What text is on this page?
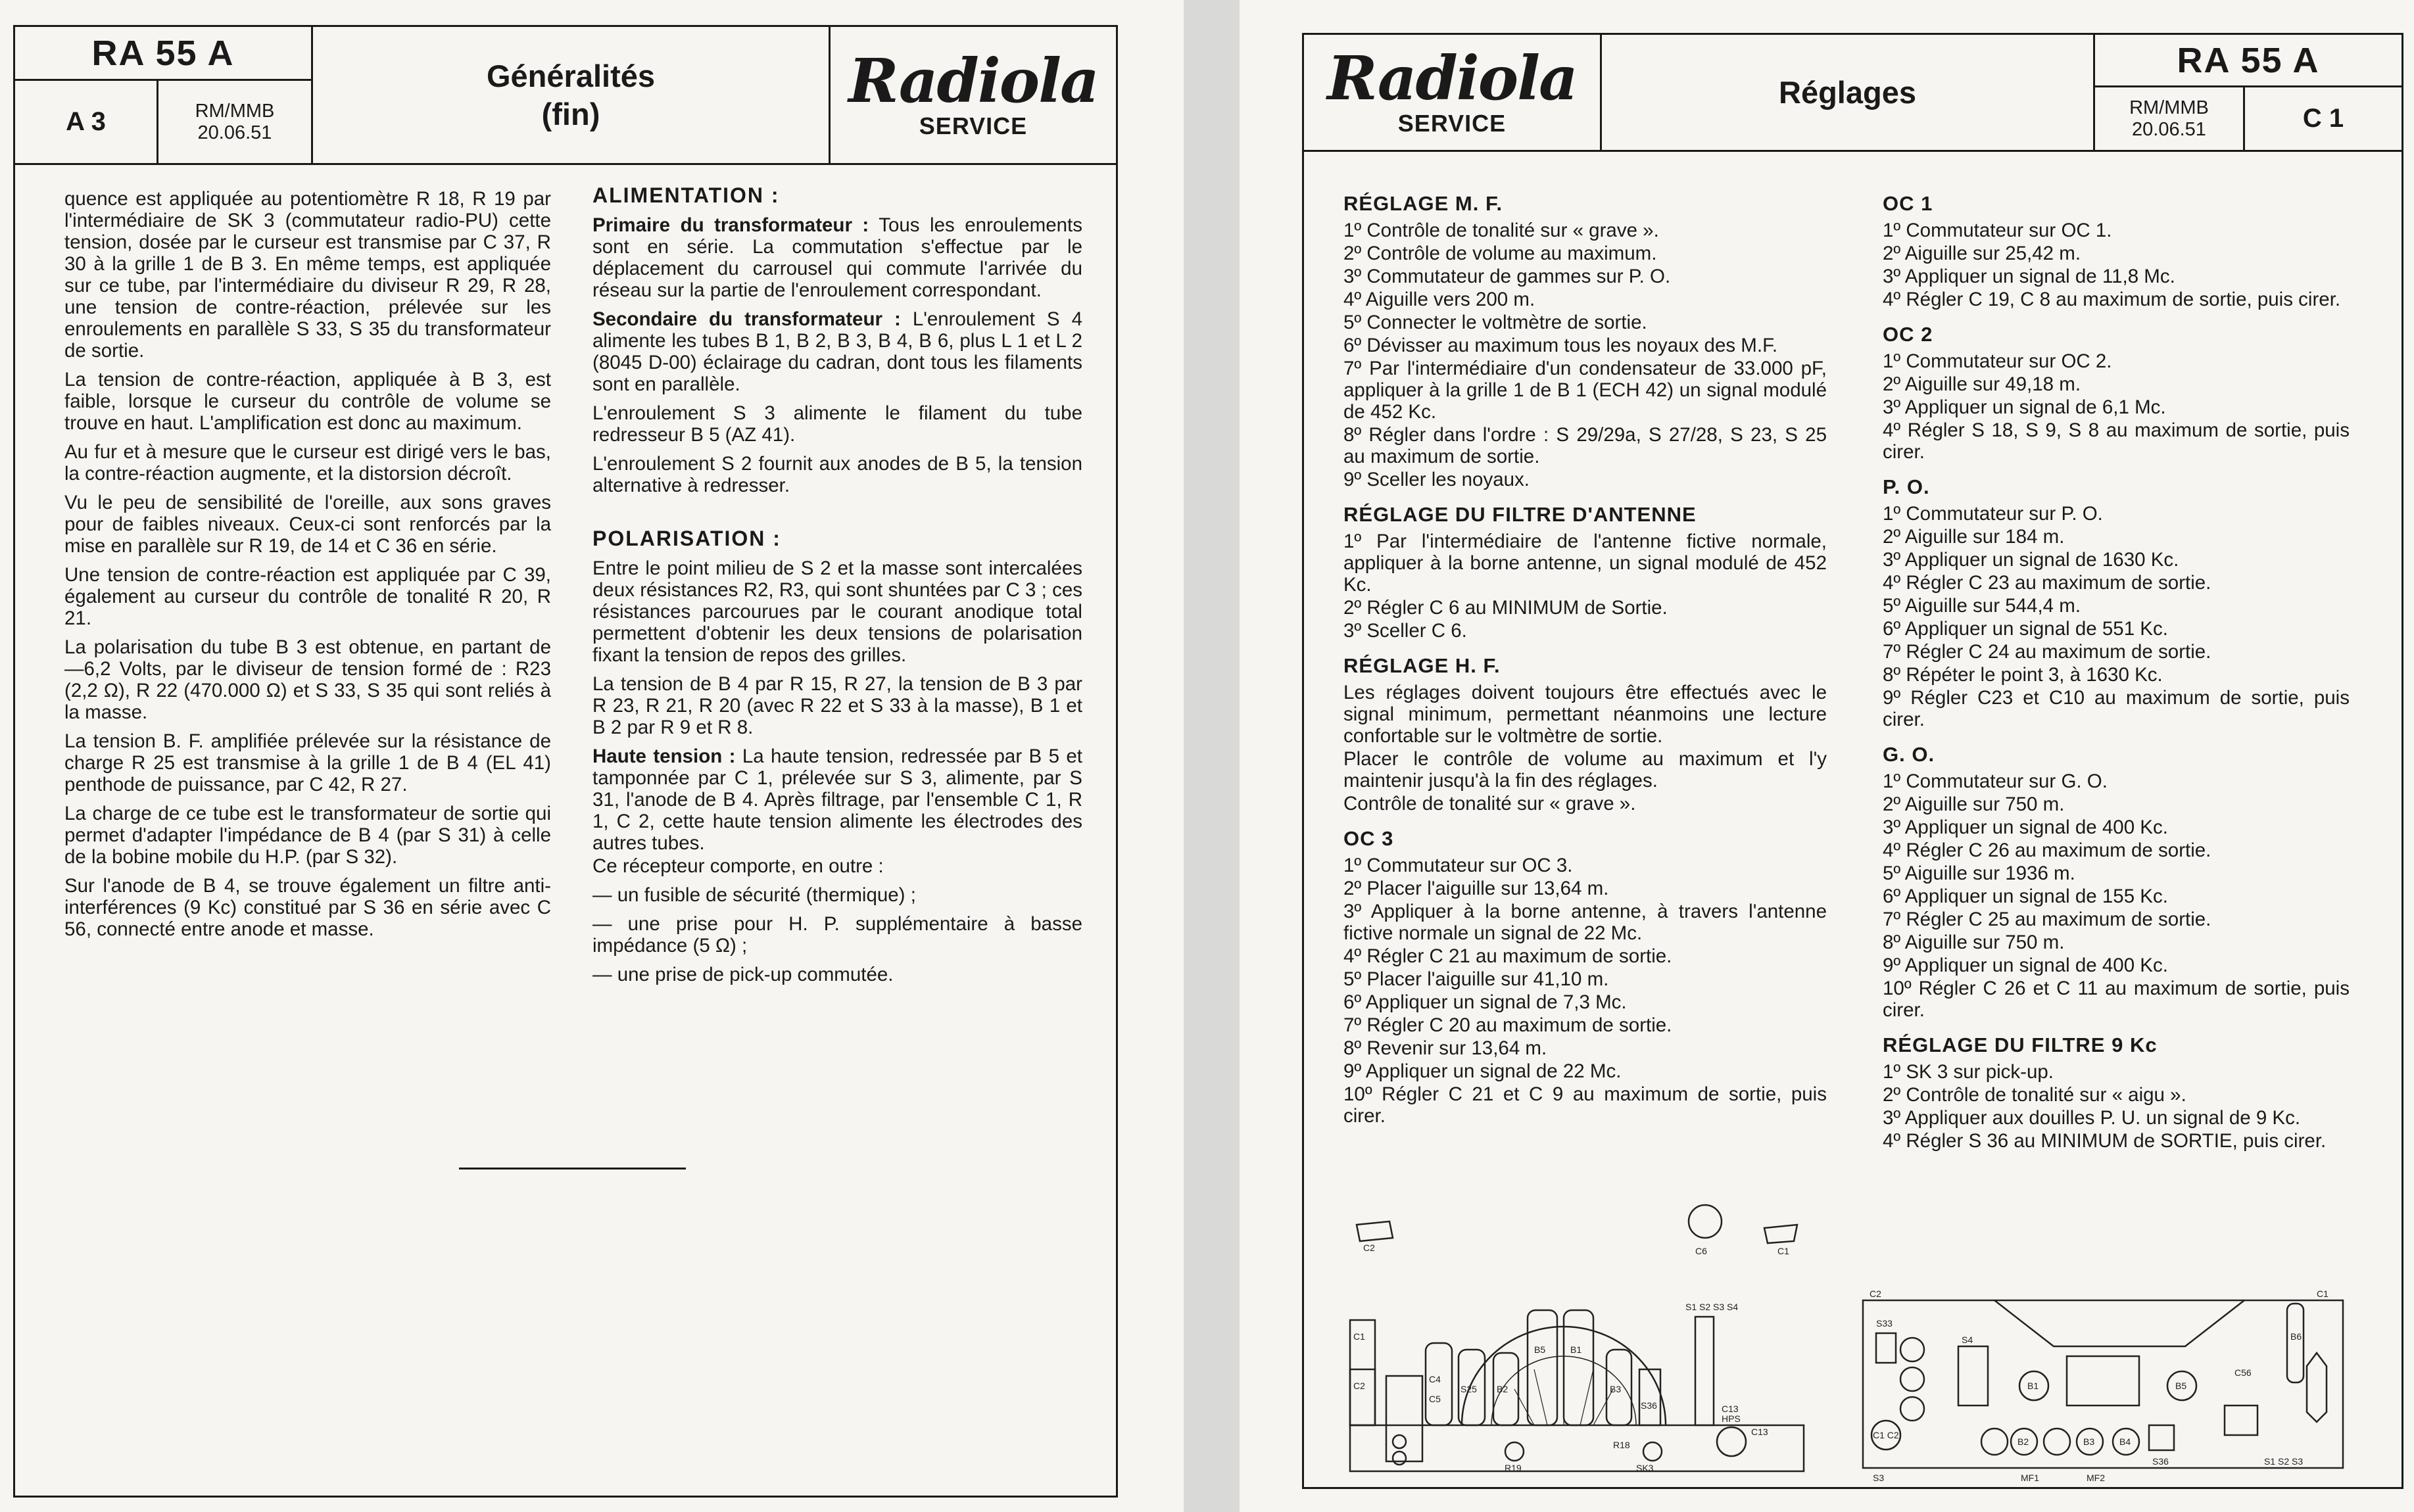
RA 55 A
A 3	RM/MMB
20.06.51
Généralités
(fin)	Radiola
SERVICE

quence est appliquée au potentiomètre R 18, R 19 par l'intermédiaire de SK 3 (commutateur radio-PU) cette tension, dosée par le curseur est transmise par C 37, R 30 à la grille 1 de B 3. En même temps, est appliquée sur ce tube, par l'intermédiaire du diviseur R 29, R 28, une tension de contre-réaction, prélevée sur les enroulements en parallèle S 33, S 35 du transformateur de sortie.

La tension de contre-réaction, appliquée à B 3, est faible, lorsque le curseur du contrôle de volume se trouve en haut. L'amplification est donc au maximum.

Au fur et à mesure que le curseur est dirigé vers le bas, la contre-réaction augmente, et la distorsion décroît.

Vu le peu de sensibilité de l'oreille, aux sons graves pour de faibles niveaux. Ceux-ci sont renforcés par la mise en parallèle sur R 19, de 14 et C 36 en série.

Une tension de contre-réaction est appliquée par C 39, également au curseur du contrôle de tonalité R 20, R 21.

La polarisation du tube B 3 est obtenue, en partant de —6,2 Volts, par le diviseur de tension formé de : R23 (2,2 Ω), R 22 (470.000 Ω) et S 33, S 35 qui sont reliés à la masse.

La tension B. F. amplifiée prélevée sur la résistance de charge R 25 est transmise à la grille 1 de B 4 (EL 41) penthode de puissance, par C 42, R 27.

La charge de ce tube est le transformateur de sortie qui permet d'adapter l'impédance de B 4 (par S 31) à celle de la bobine mobile du H.P. (par S 32).

Sur l'anode de B 4, se trouve également un filtre anti-interférences (9 Kc) constitué par S 36 en série avec C 56, connecté entre anode et masse.

ALIMENTATION :

Primaire du transformateur : Tous les enroulements sont en série. La commutation s'effectue par le déplacement du carrousel qui commute l'arrivée du réseau sur la partie de l'enroulement correspondant.

Secondaire du transformateur : L'enroulement S 4 alimente les tubes B 1, B 2, B 3, B 4, B 6, plus L 1 et L 2 (8045 D-00) éclairage du cadran, dont tous les filaments sont en parallèle.

L'enroulement S 3 alimente le filament du tube redresseur B 5 (AZ 41).

L'enroulement S 2 fournit aux anodes de B 5, la tension alternative à redresser.

POLARISATION :

Entre le point milieu de S 2 et la masse sont intercalées deux résistances R2, R3, qui sont shuntées par C 3 ; ces résistances parcourues par le courant anodique total permettent d'obtenir les deux tensions de polarisation fixant la tension de repos des grilles.

La tension de B 4 par R 15, R 27, la tension de B 3 par R 23, R 21, R 20 (avec R 22 et S 33 à la masse), B 1 et B 2 par R 9 et R 8.

Haute tension : La haute tension, redressée par B 5 et tamponnée par C 1, prélevée sur S 3, alimente, par S 31, l'anode de B 4. Après filtrage, par l'ensemble C 1, R 1, C 2, cette haute tension alimente les électrodes des autres tubes.

Ce récepteur comporte, en outre :

— un fusible de sécurité (thermique) ;

— une prise pour H. P. supplémentaire à basse impédance (5 Ω) ;

— une prise de pick-up commutée.

Radiola
SERVICE
Réglages
RA 55 A
RM/MMB
20.06.51	C 1
RÉGLAGE M. F.

1º Contrôle de tonalité sur « grave ».

2º Contrôle de volume au maximum.

3º Commutateur de gammes sur P. O.

4º Aiguille vers 200 m.

5º Connecter le voltmètre de sortie.

6º Dévisser au maximum tous les noyaux des M.F.

7º Par l'intermédiaire d'un condensateur de 33.000 pF, appliquer à la grille 1 de B 1 (ECH 42) un signal modulé de 452 Kc.

8º Régler dans l'ordre : S 29/29a, S 27/28, S 23, S 25 au maximum de sortie.

9º Sceller les noyaux.

RÉGLAGE DU FILTRE D'ANTENNE

1º Par l'intermédiaire de l'antenne fictive normale, appliquer à la borne antenne, un signal modulé de 452 Kc.

2º Régler C 6 au MINIMUM de Sortie.

3º Sceller C 6.

RÉGLAGE H. F.

Les réglages doivent toujours être effectués avec le signal minimum, permettant néanmoins une lecture confortable sur le voltmètre de sortie.

Placer le contrôle de volume au maximum et l'y maintenir jusqu'à la fin des réglages.

Contrôle de tonalité sur « grave ».

OC 3

1º Commutateur sur OC 3.

2º Placer l'aiguille sur 13,64 m.

3º Appliquer à la borne antenne, à travers l'antenne fictive normale un signal de 22 Mc.

4º Régler C 21 au maximum de sortie.

5º Placer l'aiguille sur 41,10 m.

6º Appliquer un signal de 7,3 Mc.

7º Régler C 20 au maximum de sortie.

8º Revenir sur 13,64 m.

9º Appliquer un signal de 22 Mc.

10º Régler C 21 et C 9 au maximum de sortie, puis cirer.

OC 1

1º Commutateur sur OC 1.

2º Aiguille sur 25,42 m.

3º Appliquer un signal de 11,8 Mc.

4º Régler C 19, C 8 au maximum de sortie, puis cirer.

OC 2

1º Commutateur sur OC 2.

2º Aiguille sur 49,18 m.

3º Appliquer un signal de 6,1 Mc.

4º Régler S 18, S 9, S 8 au maximum de sortie, puis cirer.

P. O.

1º Commutateur sur P. O.

2º Aiguille sur 184 m.

3º Appliquer un signal de 1630 Kc.

4º Régler C 23 au maximum de sortie.

5º Aiguille sur 544,4 m.

6º Appliquer un signal de 551 Kc.

7º Régler C 24 au maximum de sortie.

8º Répéter le point 3, à 1630 Kc.

9º Régler C23 et C10 au maximum de sortie, puis cirer.

G. O.

1º Commutateur sur G. O.

2º Aiguille sur 750 m.

3º Appliquer un signal de 400 Kc.

4º Régler C 26 au maximum de sortie.

5º Aiguille sur 1936 m.

6º Appliquer un signal de 155 Kc.

7º Régler C 25 au maximum de sortie.

8º Aiguille sur 750 m.

9º Appliquer un signal de 400 Kc.

10º Régler C 26 et C 11 au maximum de sortie, puis cirer.

RÉGLAGE DU FILTRE 9 Kc

1º SK 3 sur pick-up.

2º Contrôle de tonalité sur « aigu ».

3º Appliquer aux douilles P. U. un signal de 9 Kc.

4º Régler S 36 au MINIMUM de SORTIE, puis cirer.

C2	C6	C1
C1
C2
C4
C5
S25 B2	B3
B5	B1
S36	C13
R19
C13
HPS
S1 S2 S3 S4
SK3
R18
C2	C1
B6
B1	B5
C56
B2	B3	B4
C1 C2
S36
S3
S4
S1 S2 S3
S33
MF1	MF2
